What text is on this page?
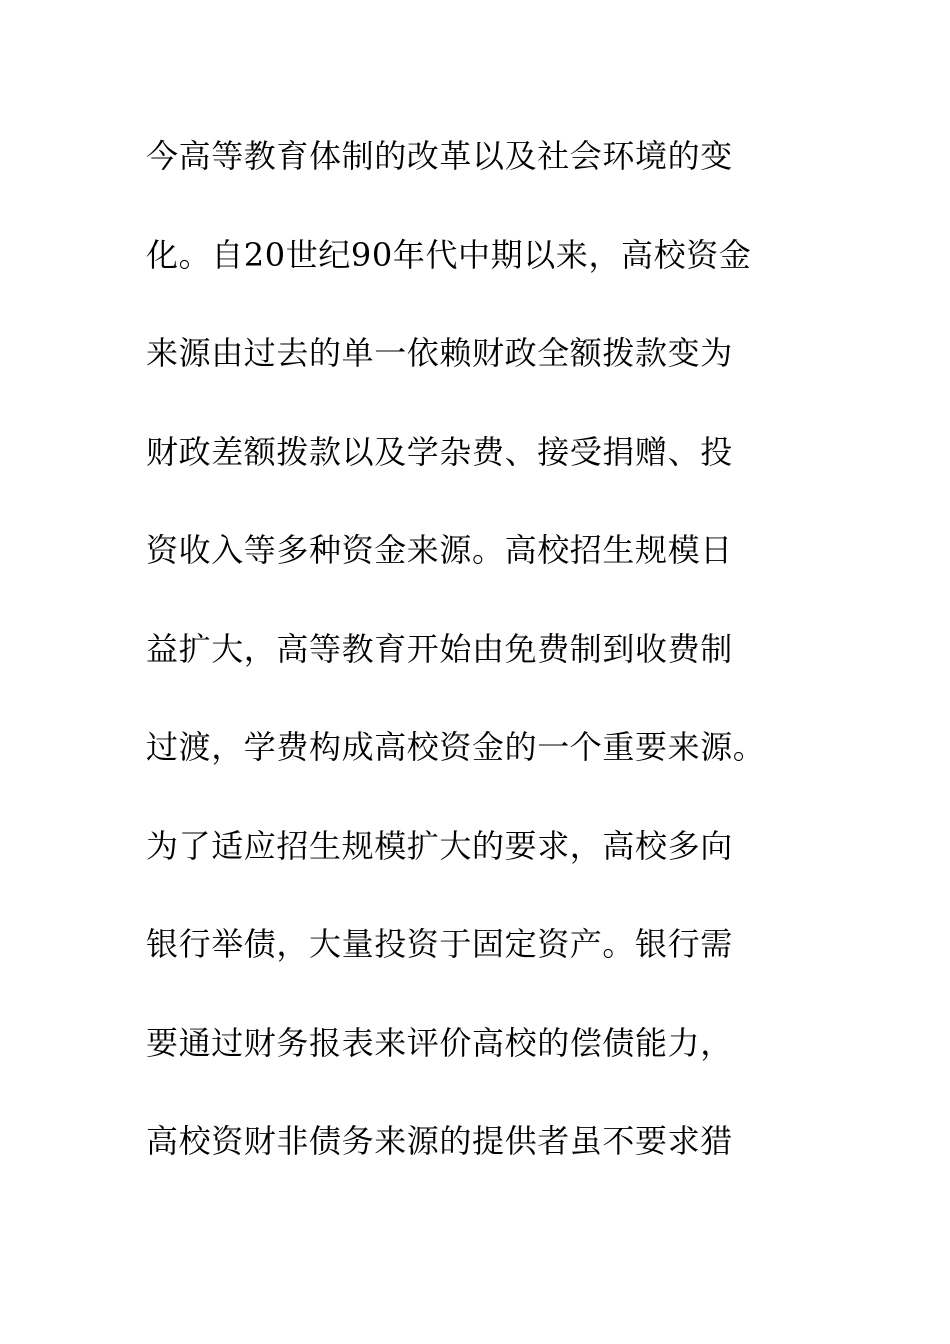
今高等教育体制的改革以及社会环境的变
化。自20世纪90年代中期以来，高校资金
来源由过去的单一依赖财政全额拨款变为
财政差额拨款以及学杂费、接受捐赠、投
资收入等多种资金来源。高校招生规模日
益扩大，高等教育开始由免费制到收费制
过渡，学费构成高校资金的一个重要来源。
为了适应招生规模扩大的要求，高校多向
银行举债，大量投资于固定资产。银行需
要通过财务报表来评价高校的偿债能力，
高校资财非债务来源的提供者虽不要求猎
